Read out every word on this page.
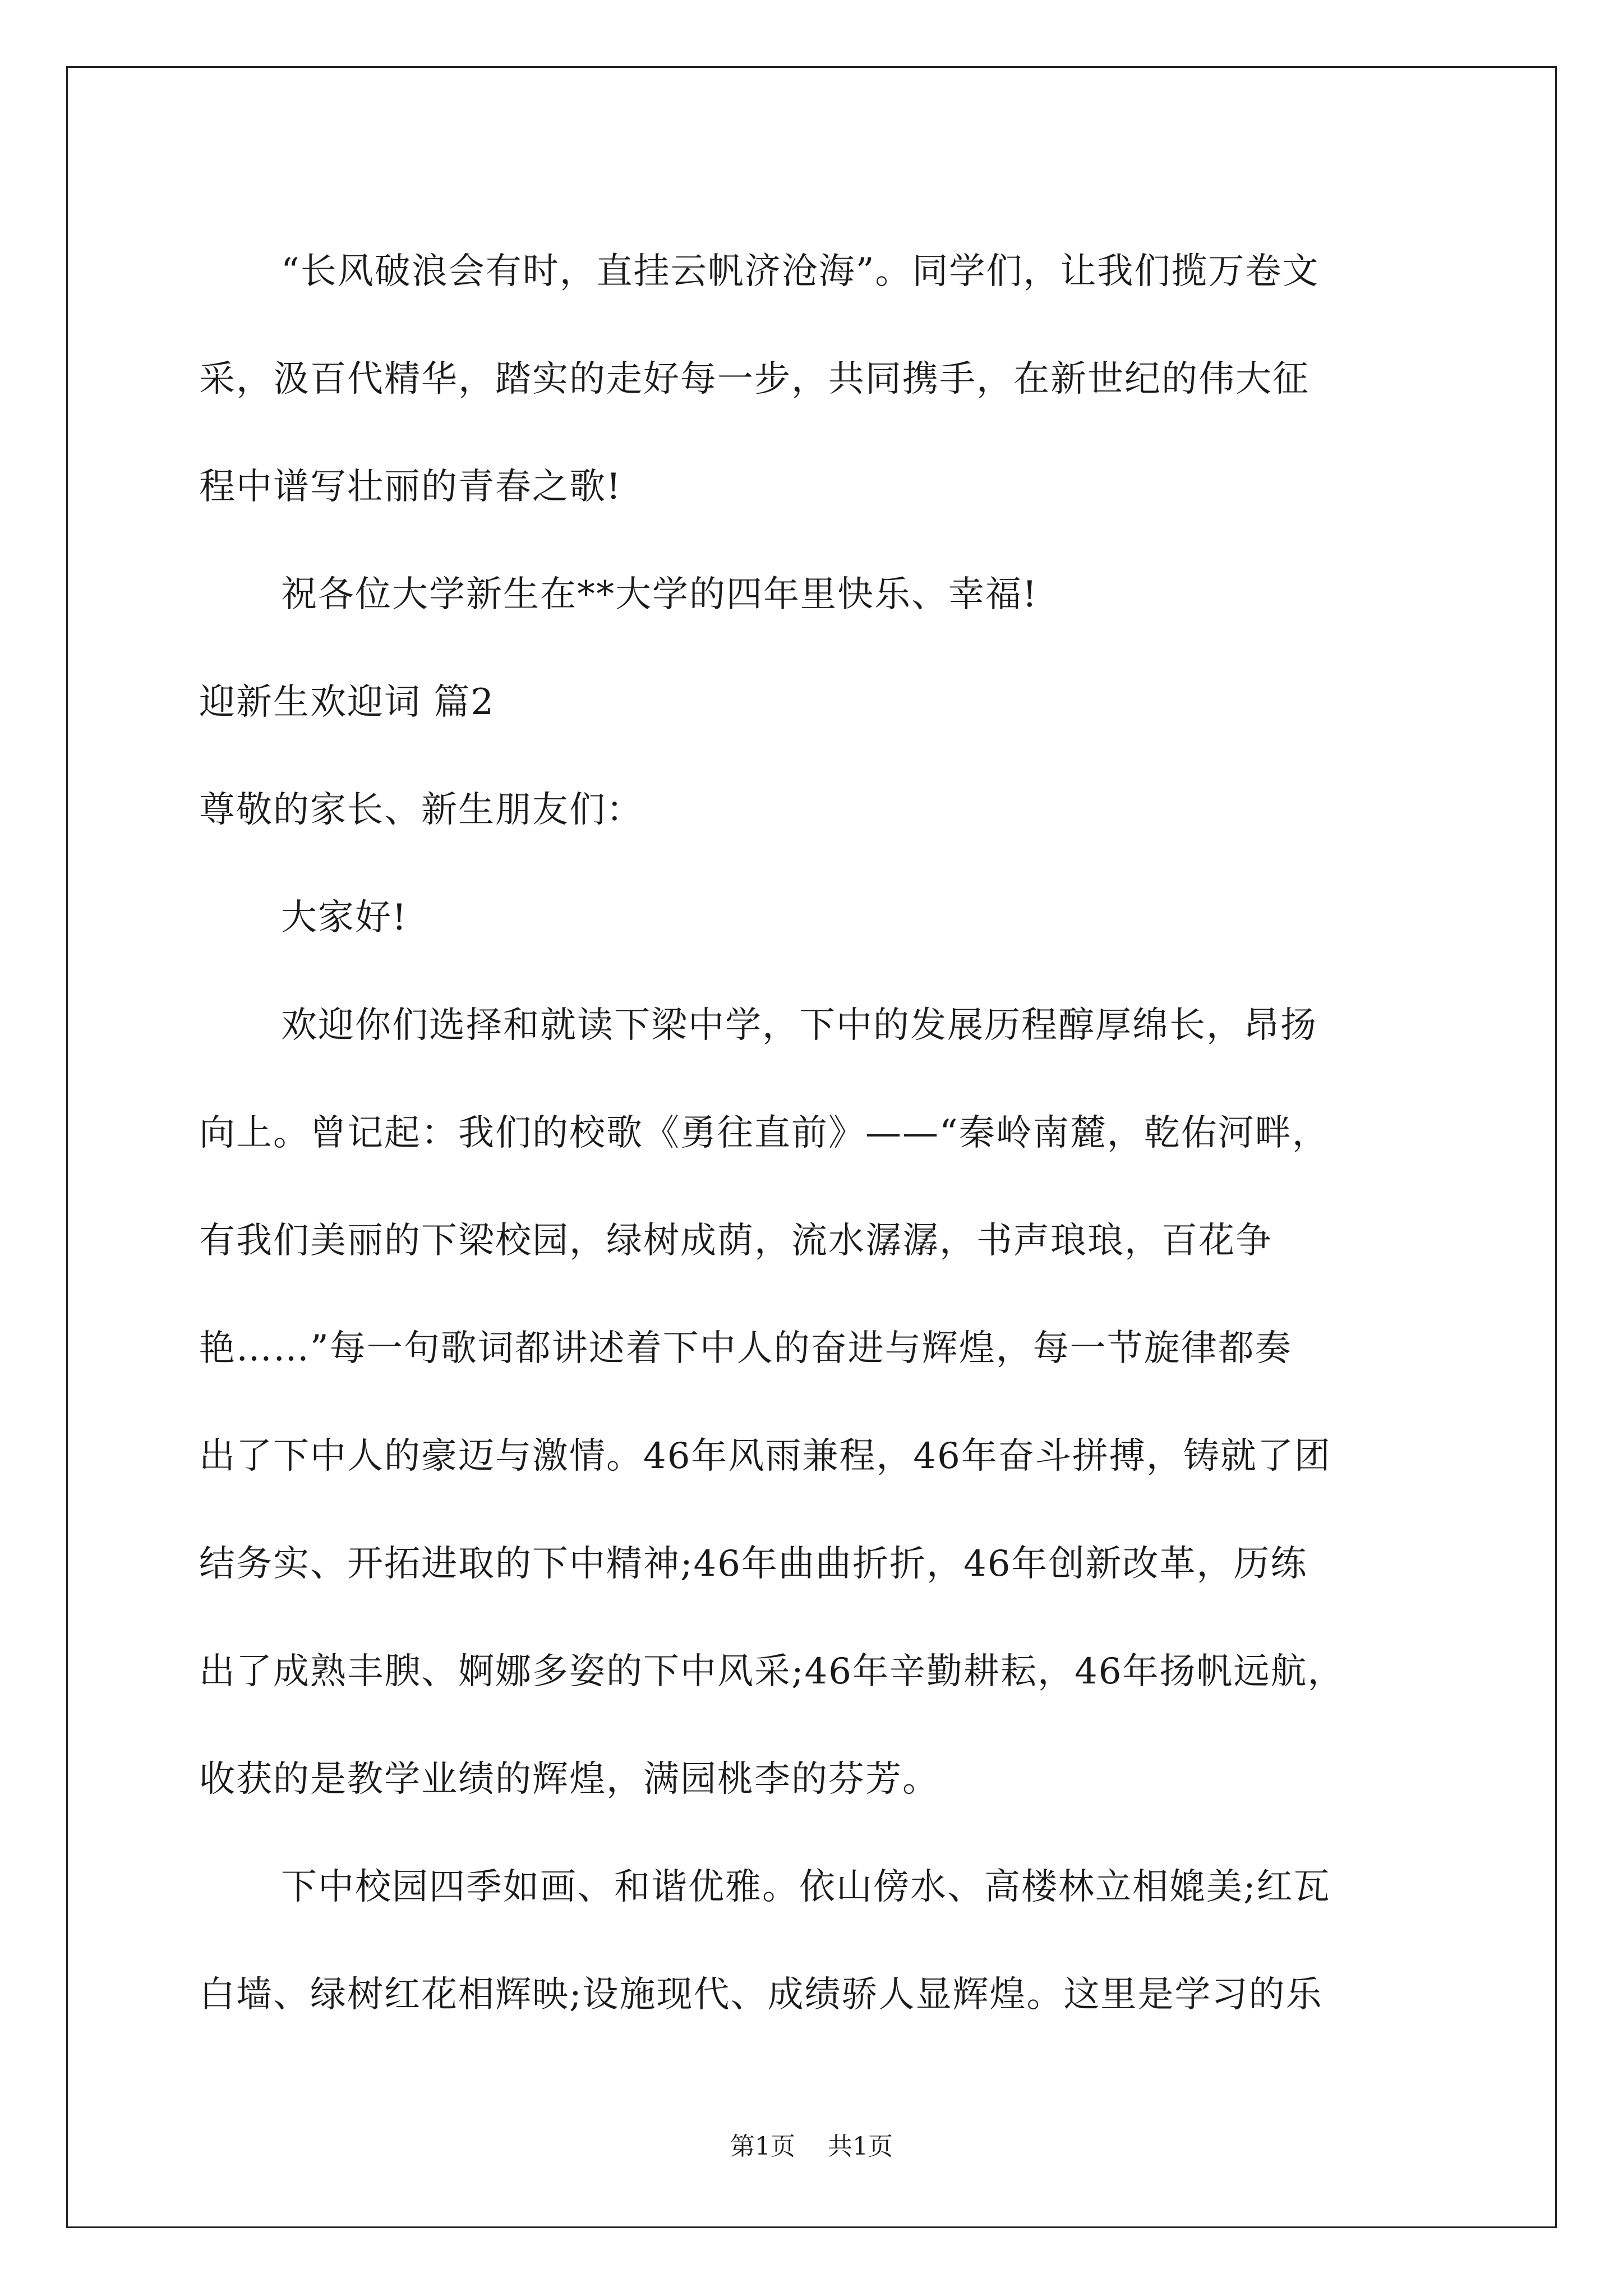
“长风破浪会有时，直挂云帆济沧海”。同学们，让我们揽万卷文
采，汲百代精华，踏实的走好每一步，共同携手，在新世纪的伟大征
程中谱写壮丽的青春之歌!
祝各位大学新生在**大学的四年里快乐、幸福!
迎新生欢迎词 篇2
尊敬的家长、新生朋友们：
大家好!
欢迎你们选择和就读下梁中学，下中的发展历程醇厚绵长，昂扬
向上。曾记起：我们的校歌《勇往直前》——“秦岭南麓，乾佑河畔，
有我们美丽的下梁校园，绿树成荫，流水潺潺，书声琅琅，百花争
艳……”每一句歌词都讲述着下中人的奋进与辉煌，每一节旋律都奏
出了下中人的豪迈与激情。46年风雨兼程，46年奋斗拼搏，铸就了团
结务实、开拓进取的下中精神;46年曲曲折折，46年创新改革，历练
出了成熟丰腴、婀娜多姿的下中风采;46年辛勤耕耘，46年扬帆远航，
收获的是教学业绩的辉煌，满园桃李的芬芳。
下中校园四季如画、和谐优雅。依山傍水、高楼林立相媲美;红瓦
白墙、绿树红花相辉映;设施现代、成绩骄人显辉煌。这里是学习的乐
第1页 共1页
